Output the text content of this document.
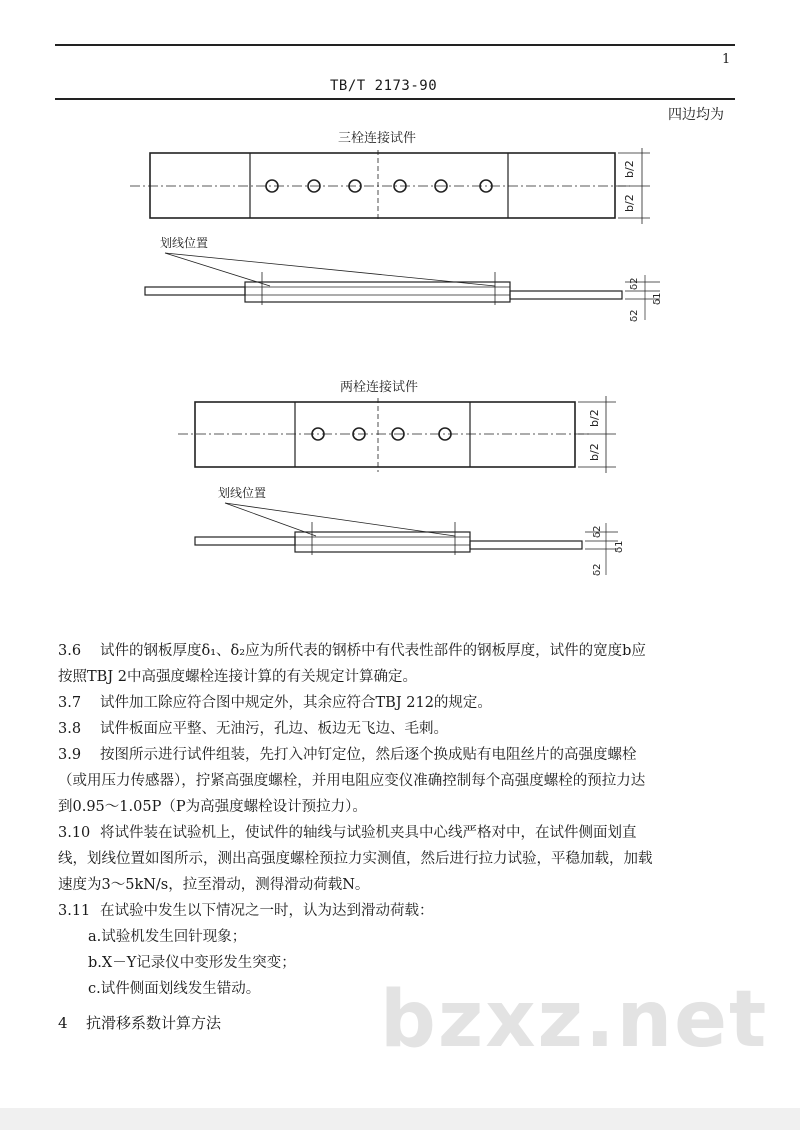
1
TB/T 2173-90
四边均为
三栓连接试件
划线位置
b/2
b/2
δ2
δ1
δ2
两栓连接试件
划线位置
b/2
b/2
δ2
δ1
δ2
3.6 试件的钢板厚度δ₁、δ₂应为所代表的钢桥中有代表性部件的钢板厚度，试件的宽度b应
按照TBJ 2中高强度螺栓连接计算的有关规定计算确定。
3.7 试件加工除应符合图中规定外，其余应符合TBJ 212的规定。
3.8 试件板面应平整、无油污，孔边、板边无飞边、毛刺。
3.9 按图所示进行试件组装，先打入冲钉定位，然后逐个换成贴有电阻丝片的高强度螺栓
（或用压力传感器），拧紧高强度螺栓，并用电阻应变仪准确控制每个高强度螺栓的预拉力达
到0.95～1.05P（P为高强度螺栓设计预拉力）。
3.10 将试件装在试验机上，使试件的轴线与试验机夹具中心线严格对中，在试件侧面划直
线，划线位置如图所示，测出高强度螺栓预拉力实测值，然后进行拉力试验，平稳加载，加载
速度为3～5kN/s，拉至滑动，测得滑动荷载N。
3.11 在试验中发生以下情况之一时，认为达到滑动荷载：
a.试验机发生回针现象；
b.X－Y记录仪中变形发生突变；
c.试件侧面划线发生错动。	bzxz.net
4 抗滑移系数计算方法
